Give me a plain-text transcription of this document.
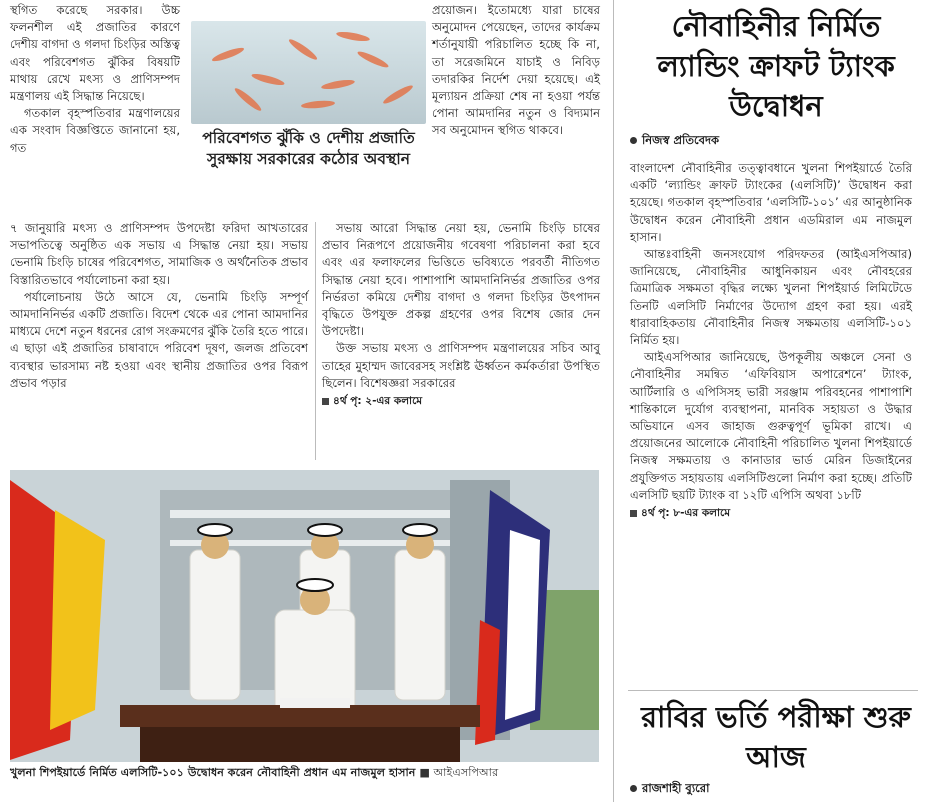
স্থগিত করেছে সরকার। উচ্চ ফলনশীল এই প্রজাতির কারণে দেশীয় বাগদা ও গলদা চিংড়ির অস্তিত্ব এবং পরিবেশগত ঝুঁকির বিষয়টি মাথায় রেখে মৎস্য ও প্রাণিসম্পদ মন্ত্রণালয় এই সিদ্ধান্ত নিয়েছে।

গতকাল বৃহস্পতিবার মন্ত্রণালয়ের এক সংবাদ বিজ্ঞপ্তিতে জানানো হয়, গত

পরিবেশগত ঝুঁকি ও দেশীয় প্রজাতি সুরক্ষায় সরকারের কঠোর অবস্থান

প্রয়োজন। ইতোমধ্যে যারা চাষের অনুমোদন পেয়েছেন, তাদের কার্যক্রম শর্তানুযায়ী পরিচালিত হচ্ছে কি না, তা সরেজমিনে যাচাই ও নিবিড় তদারকির নির্দেশ দেয়া হয়েছে। এই মূল্যায়ন প্রক্রিয়া শেষ না হওয়া পর্যন্ত পোনা আমদানির নতুন ও বিদ্যমান সব অনুমোদন স্থগিত থাকবে।

৭ জানুয়ারি মৎস্য ও প্রাণিসম্পদ উপদেষ্টা ফরিদা আখতারের সভাপতিত্বে অনুষ্ঠিত এক সভায় এ সিদ্ধান্ত নেয়া হয়। সভায় ভেনামি চিংড়ি চাষের পরিবেশগত, সামাজিক ও অর্থনৈতিক প্রভাব বিস্তারিতভাবে পর্যালোচনা করা হয়।

পর্যালোচনায় উঠে আসে যে, ভেনামি চিংড়ি সম্পূর্ণ আমদানিনির্ভর একটি প্রজাতি। বিদেশ থেকে এর পোনা আমদানির মাধ্যমে দেশে নতুন ধরনের রোগ সংক্রমণের ঝুঁকি তৈরি হতে পারে। এ ছাড়া এই প্রজাতির চাষাবাদে পরিবেশ দূষণ, জলজ প্রতিবেশ ব্যবস্থার ভারসাম্য নষ্ট হওয়া এবং স্থানীয় প্রজাতির ওপর বিরূপ প্রভাব পড়ার

সভায় আরো সিদ্ধান্ত নেয়া হয়, ভেনামি চিংড়ি চাষের প্রভাব নিরূপণে প্রয়োজনীয় গবেষণা পরিচালনা করা হবে এবং এর ফলাফলের ভিত্তিতে ভবিষ্যতে পরবর্তী নীতিগত সিদ্ধান্ত নেয়া হবে। পাশাপাশি আমদানিনির্ভর প্রজাতির ওপর নির্ভরতা কমিয়ে দেশীয় বাগদা ও গলদা চিংড়ির উৎপাদন বৃদ্ধিতে উপযুক্ত প্রকল্প গ্রহণের ওপর বিশেষ জোর দেন উপদেষ্টা।

উক্ত সভায় মৎস্য ও প্রাণিসম্পদ মন্ত্রণালয়ের সচিব আবু তাহের মুহাম্মদ জাবেরসহ সংশ্লিষ্ট ঊর্ধ্বতন কর্মকর্তারা উপস্থিত ছিলেন। বিশেষজ্ঞরা সরকারের

৪র্থ পৃ: ২-এর কলামে
খুলনা শিপইয়ার্ডে নির্মিত এলসিটি-১০১ উদ্বোধন করেন নৌবাহিনী প্রধান এম নাজমুল হাসান ■ আইএসপিআর
নৌবাহিনীর নির্মিত ল্যান্ডিং ক্রাফট ট্যাংক উদ্বোধন
নিজস্ব প্রতিবেদক

বাংলাদেশ নৌবাহিনীর তত্ত্বাবধানে খুলনা শিপইয়ার্ডে তৈরি একটি ‘ল্যান্ডিং ক্রাফট ট্যাংকের (এলসিটি)’ উদ্বোধন করা হয়েছে। গতকাল বৃহস্পতিবার ‘এলসিটি-১০১’ এর আনুষ্ঠানিক উদ্বোধন করেন নৌবাহিনী প্রধান এডমিরাল এম নাজমুল হাসান।

আন্তঃবাহিনী জনসংযোগ পরিদফতর (আইএসপিআর) জানিয়েছে, নৌবাহিনীর আধুনিকায়ন এবং নৌবহরের ত্রিমাত্রিক সক্ষমতা বৃদ্ধির লক্ষ্যে খুলনা শিপইয়ার্ড লিমিটেডে তিনটি এলসিটি নির্মাণের উদ্যোগ গ্রহণ করা হয়। এরই ধারাবাহিকতায় নৌবাহিনীর নিজস্ব সক্ষমতায় এলসিটি-১০১ নির্মিত হয়।

আইএসপিআর জানিয়েছে, উপকূলীয় অঞ্চলে সেনা ও নৌবাহিনীর সমন্বিত ‘এফিবিয়াস অপারেশনে’ ট্যাংক, আর্টিলারি ও এপিসিসহ ভারী সরঞ্জাম পরিবহনের পাশাপাশি শান্তিকালে দুর্যোগ ব্যবস্থাপনা, মানবিক সহায়তা ও উদ্ধার অভিযানে এসব জাহাজ গুরুত্বপূর্ণ ভূমিকা রাখে। এ প্রয়োজনের আলোকে নৌবাহিনী পরিচালিত খুলনা শিপইয়ার্ডে নিজস্ব সক্ষমতায় ও কানাডার ভার্ড মেরিন ডিজাইনের প্রযুক্তিগত সহায়তায় এলসিটিগুলো নির্মাণ করা হচ্ছে। প্রতিটি এলসিটি ছয়টি ট্যাংক বা ১২টি এপিসি অথবা ১৮টি

৪র্থ পৃ: ৮-এর কলামে
রাবির ভর্তি পরীক্ষা শুরু আজ
রাজশাহী ব্যুরো
